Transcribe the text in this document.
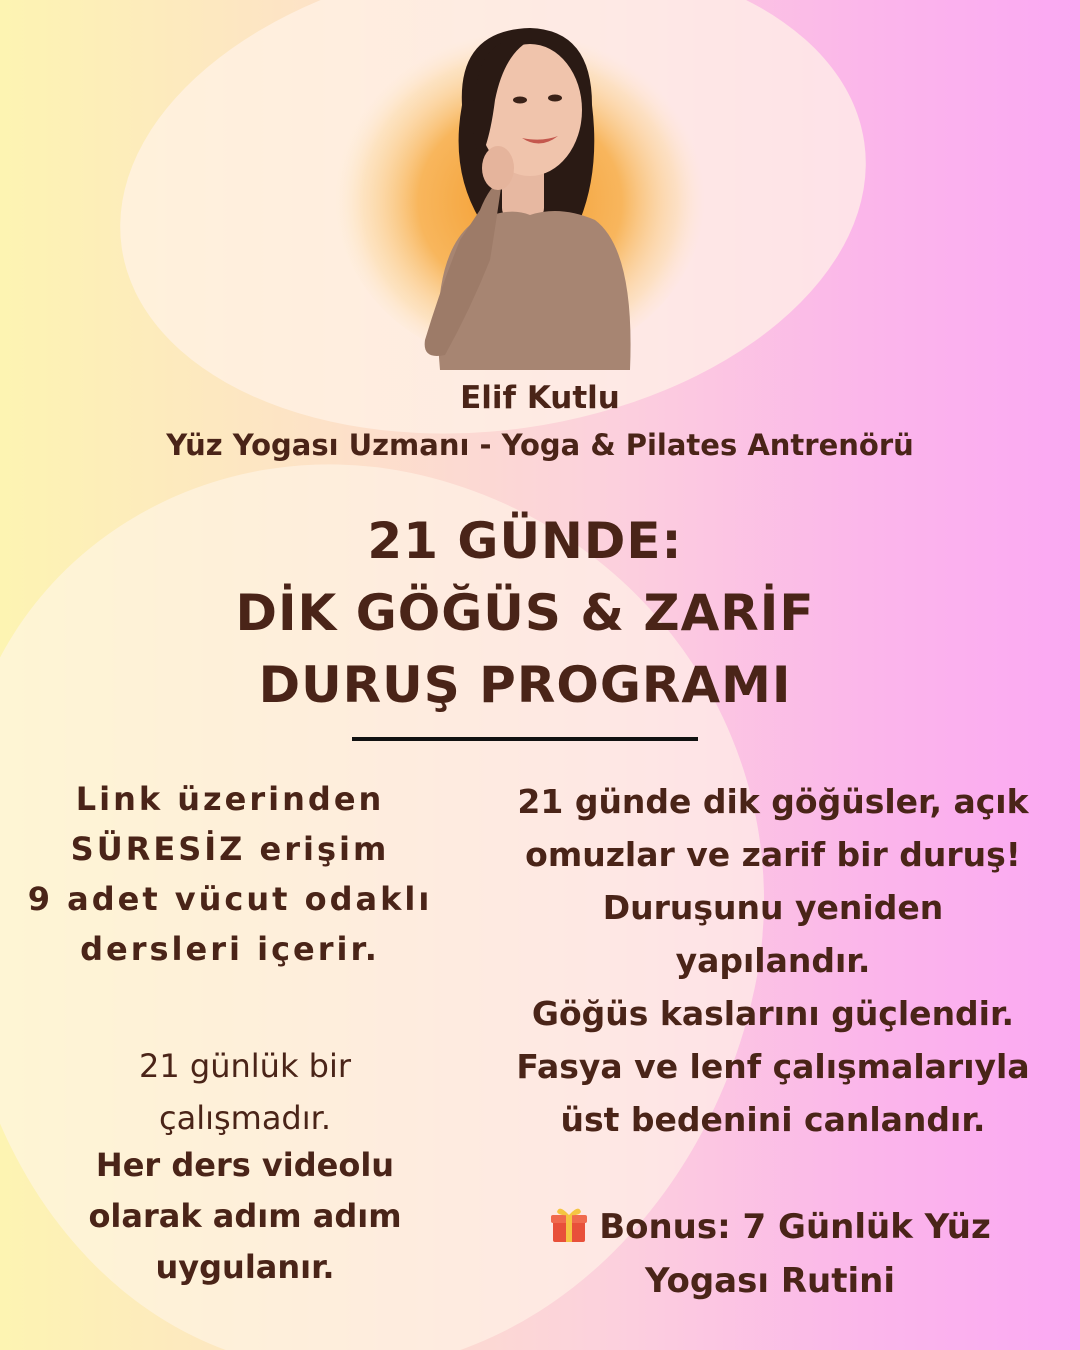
Elif Kutlu
Yüz Yogası Uzmanı - Yoga & Pilates Antrenörü
21 GÜNDE:
DİK GÖĞÜS & ZARİF
DURUŞ PROGRAMI
Link üzerinden
SÜRESİZ erişim
9 adet vücut odaklı
dersleri içerir.
21 günlük bir
çalışmadır.
Her ders videolu
olarak adım adım
uygulanır.
21 günde dik göğüsler, açık
omuzlar ve zarif bir duruş!
Duruşunu yeniden
yapılandır.
Göğüs kaslarını güçlendir.
Fasya ve lenf çalışmalarıyla
üst bedenini canlandır.
Bonus: 7 Günlük Yüz
Yogası Rutini
